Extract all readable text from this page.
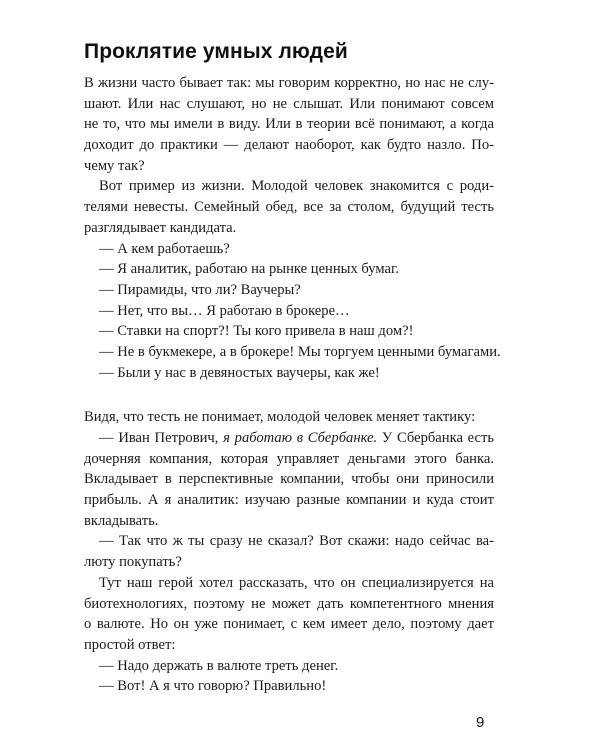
Проклятие умных людей
В жизни часто бывает так: мы говорим корректно, но нас не слу-
шают. Или нас слушают, но не слышат. Или понимают совсем
не то, что мы имели в виду. Или в теории всё понимают, а когда
доходит до практики — делают наоборот, как будто назло. По-
чему так?
Вот пример из жизни. Молодой человек знакомится с роди-
телями невесты. Семейный обед, все за столом, будущий тесть
разглядывает кандидата.
— А кем работаешь?
— Я аналитик, работаю на рынке ценных бумаг.
— Пирамиды, что ли? Ваучеры?
— Нет, что вы… Я работаю в брокере…
— Ставки на спорт?! Ты кого привела в наш дом?!
— Не в букмекере, а в брокере! Мы торгуем ценными бумагами.
— Были у нас в девяностых ваучеры, как же!
Видя, что тесть не понимает, молодой человек меняет тактику:
— Иван Петрович, я работаю в Сбербанке. У Сбербанка есть
дочерняя компания, которая управляет деньгами этого банка.
Вкладывает в перспективные компании, чтобы они приносили
прибыль. А я аналитик: изучаю разные компании и куда стоит
вкладывать.
— Так что ж ты сразу не сказал? Вот скажи: надо сейчас ва-
люту покупать?
Тут наш герой хотел рассказать, что он специализируется на
биотехнологиях, поэтому не может дать компетентного мнения
о валюте. Но он уже понимает, с кем имеет дело, поэтому дает
простой ответ:
— Надо держать в валюте треть денег.
— Вот! А я что говорю? Правильно!
9
